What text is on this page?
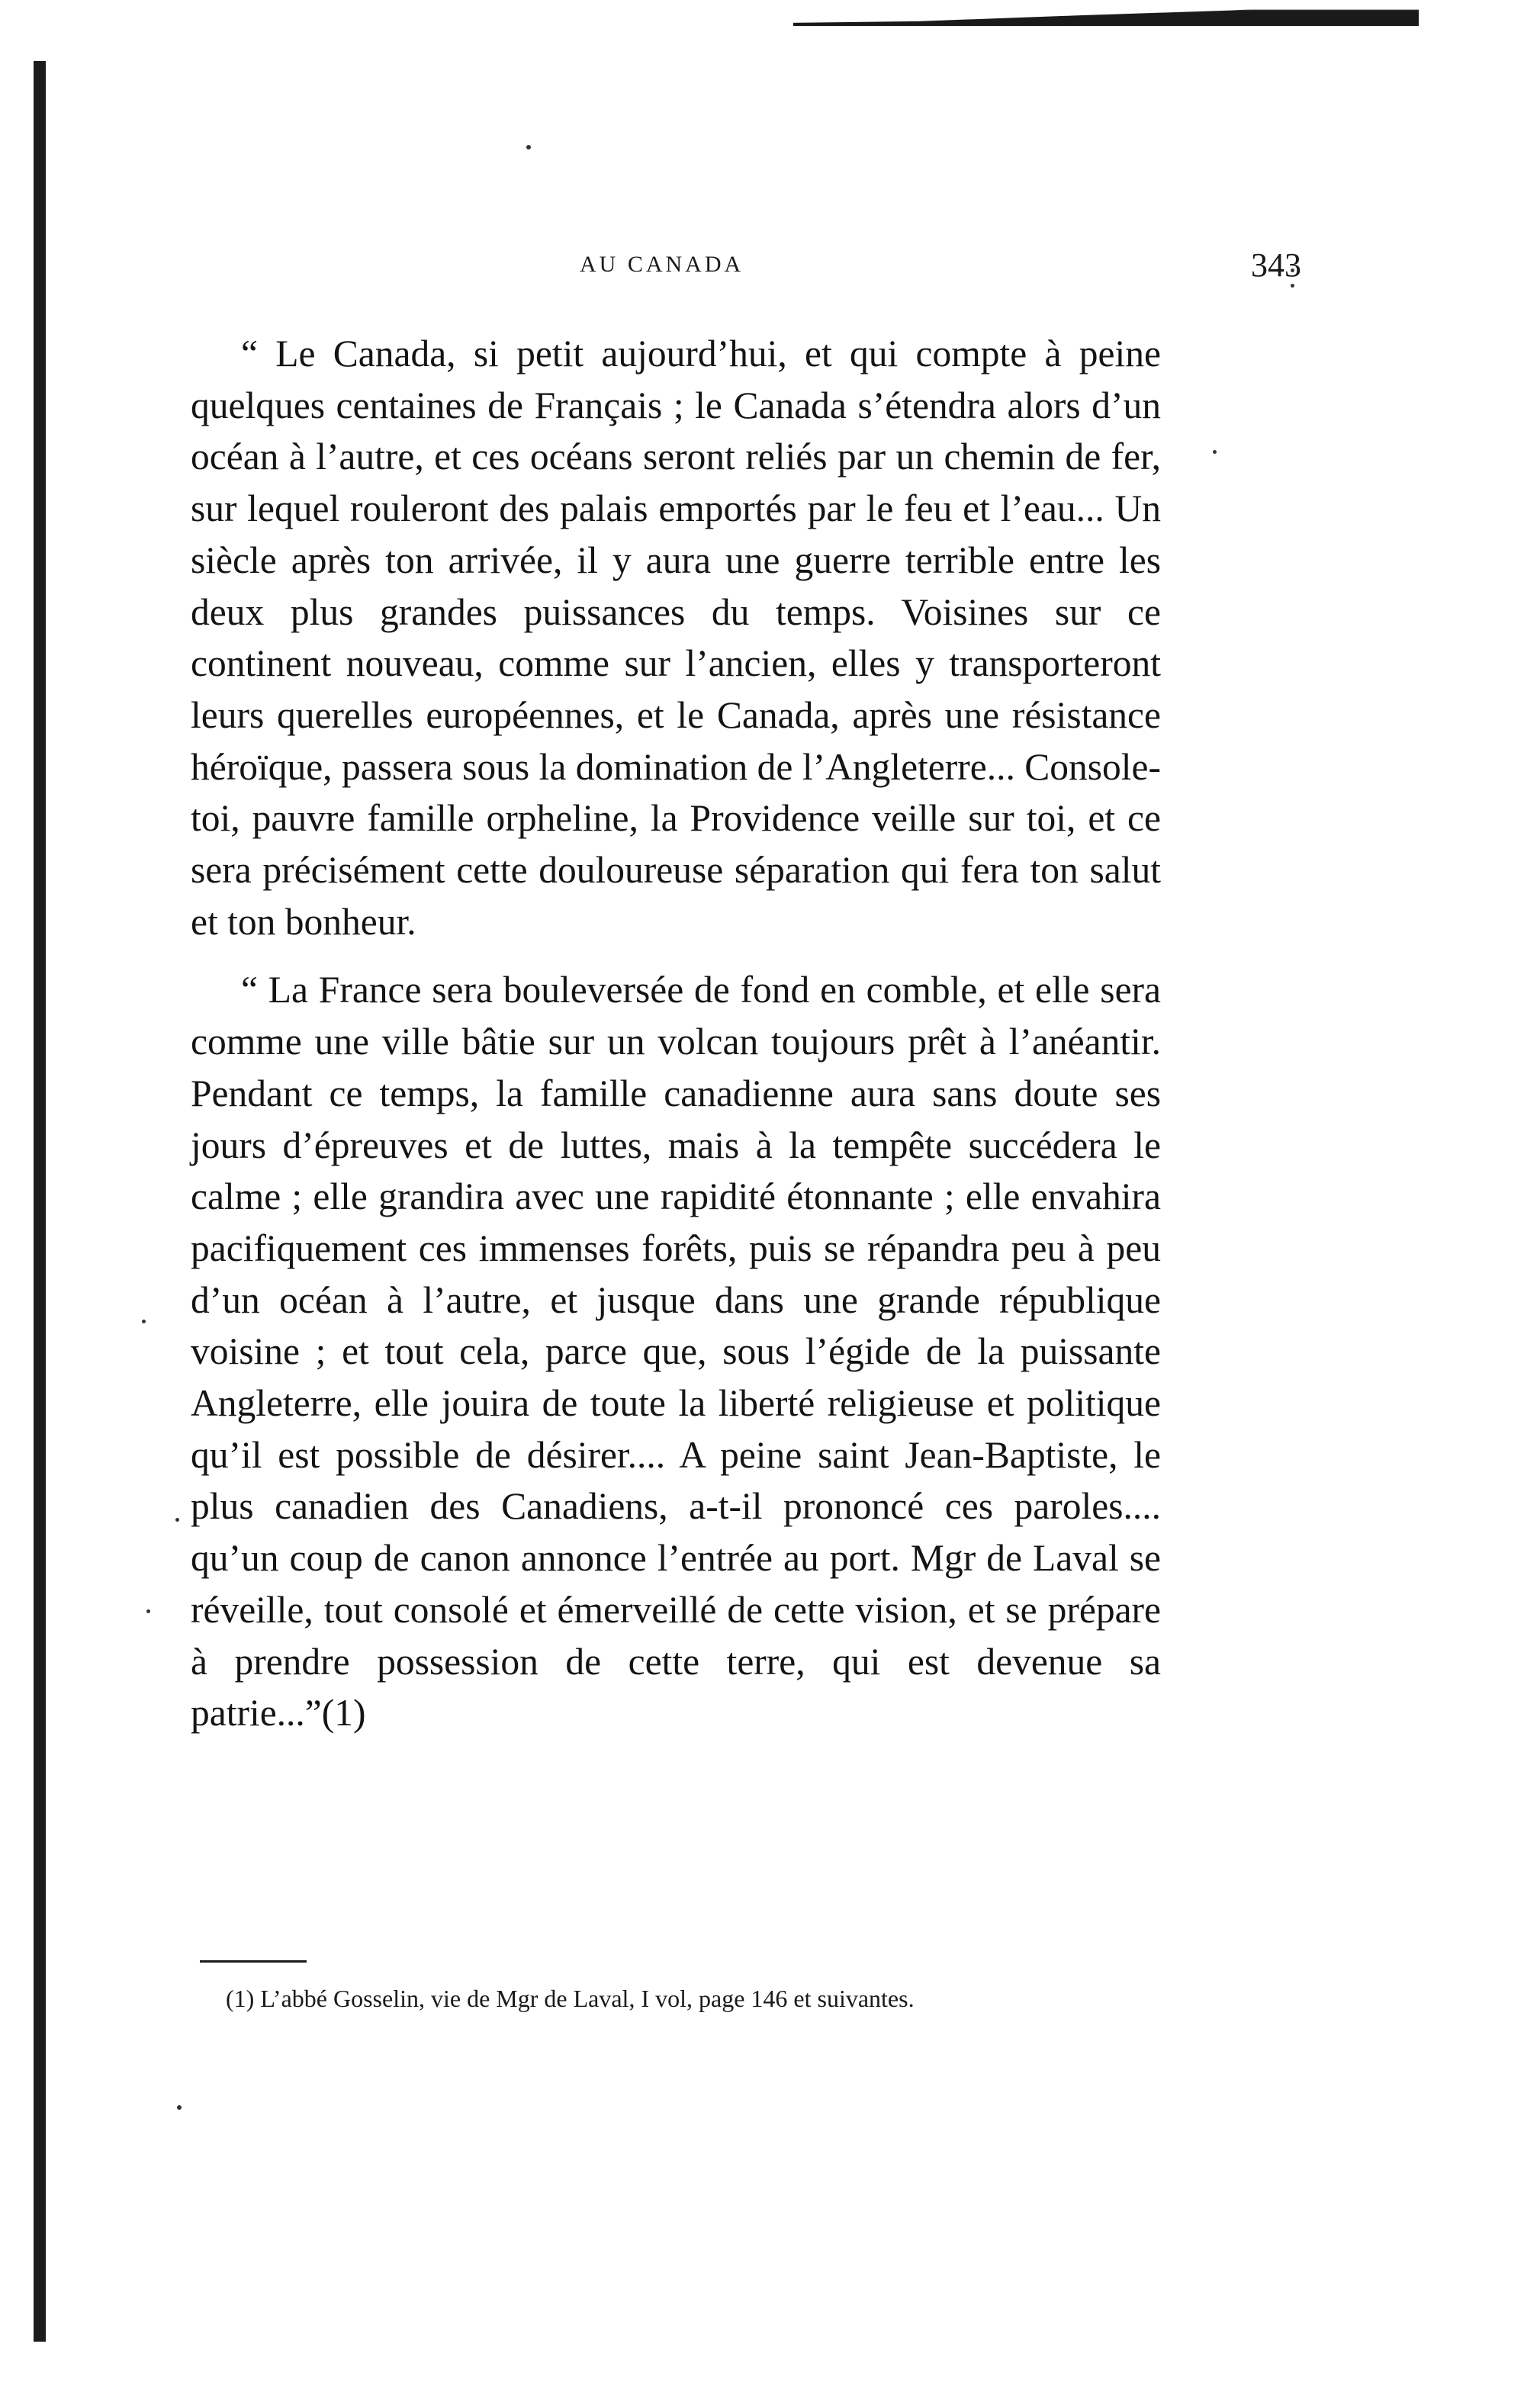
AU CANADA	343

“ Le Canada, si petit aujourd’hui, et qui compte à peine quelques centaines de Français ; le Canada s’étendra alors d’un océan à l’autre, et ces océans seront reliés par un chemin de fer, sur lequel rouleront des palais emportés par le feu et l’eau... Un siècle après ton arrivée, il y aura une guerre terrible entre les deux plus grandes puissances du temps. Voisines sur ce continent nouveau, comme sur l’ancien, elles y transporteront leurs querelles européennes, et le Canada, après une résistance héroïque, passera sous la domination de l’Angleterre... Console-toi, pauvre famille orpheline, la Providence veille sur toi, et ce sera précisément cette douloureuse séparation qui fera ton salut et ton bonheur.

“ La France sera bouleversée de fond en comble, et elle sera comme une ville bâtie sur un volcan toujours prêt à l’anéantir. Pendant ce temps, la famille canadienne aura sans doute ses jours d’épreuves et de luttes, mais à la tempête succédera le calme ; elle grandira avec une rapidité étonnante ; elle envahira pacifiquement ces immenses forêts, puis se répandra peu à peu d’un océan à l’autre, et jusque dans une grande république voisine ; et tout cela, parce que, sous l’égide de la puissante Angleterre, elle jouira de toute la liberté religieuse et politique qu’il est possible de désirer.... A peine saint Jean-Baptiste, le plus canadien des Canadiens, a-t-il prononcé ces paroles.... qu’un coup de canon annonce l’entrée au port. Mgr de Laval se réveille, tout consolé et émerveillé de cette vision, et se prépare à prendre possession de cette terre, qui est devenue sa patrie...”(1)

(1) L’abbé Gosselin, vie de Mgr de Laval, I vol, page 146 et suivantes.
